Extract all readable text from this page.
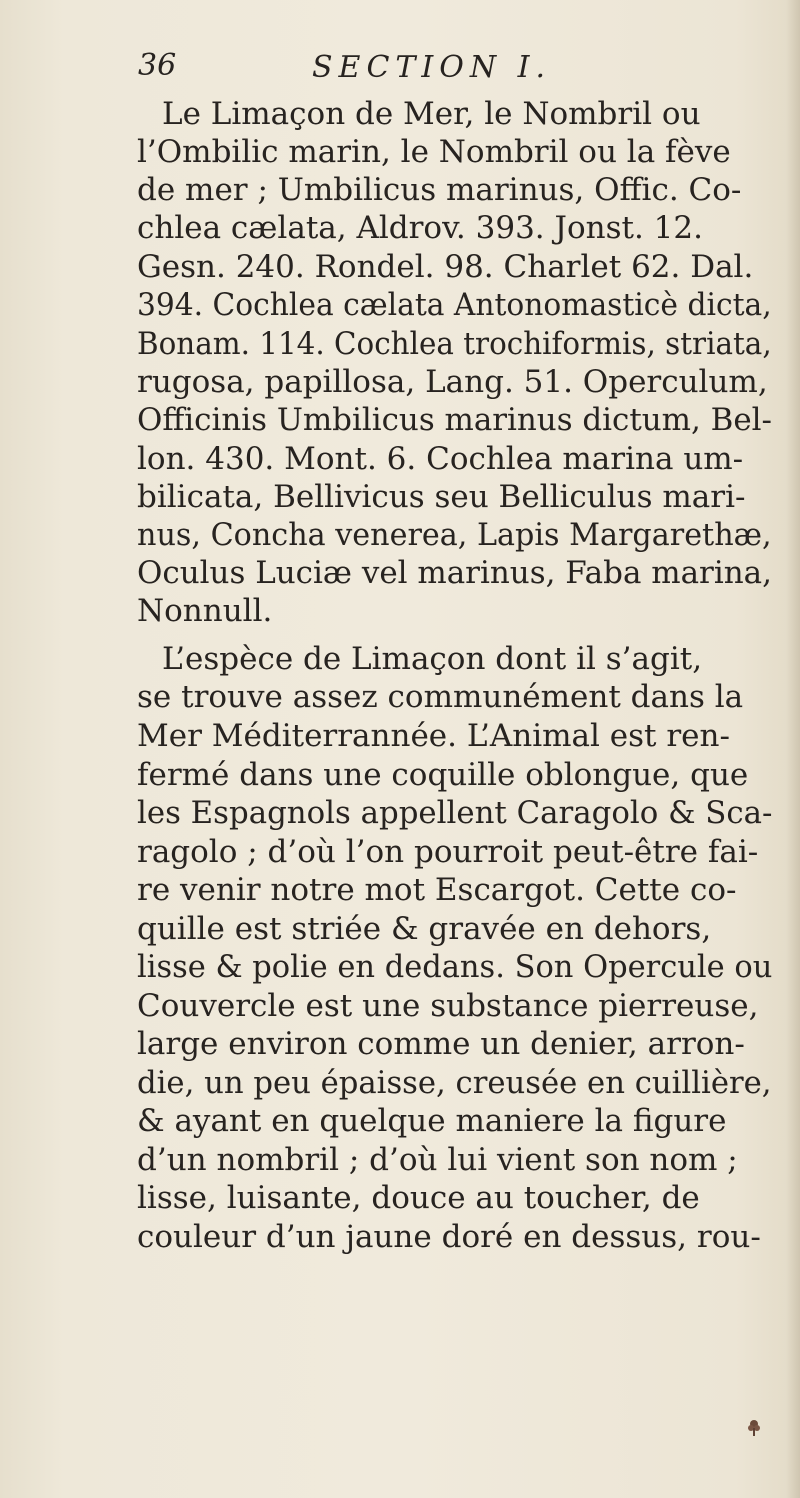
36	SECTION I.
Le Limaçon de Mer, le Nombril ou
l’Ombilic marin, le Nombril ou la fève
de mer ; Umbilicus marinus, Offic. Co-
chlea cælata, Aldrov. 393. Jonst. 12.
Gesn. 240. Rondel. 98. Charlet 62. Dal.
394. Cochlea cælata Antonomasticè dicta,
Bonam. 114. Cochlea trochiformis, striata,
rugosa, papillosa, Lang. 51. Operculum,
Officinis Umbilicus marinus dictum, Bel-
lon. 430. Mont. 6. Cochlea marina um-
bilicata, Bellivicus seu Belliculus mari-
nus, Concha venerea, Lapis Margarethæ,
Oculus Luciæ vel marinus, Faba marina,
Nonnull.
L’espèce de Limaçon dont il s’agit,
se trouve assez communément dans la
Mer Méditerrannée. L’Animal est ren-
fermé dans une coquille oblongue, que
les Espagnols appellent Caragolo & Sca-
ragolo ; d’où l’on pourroit peut-être fai-
re venir notre mot Escargot. Cette co-
quille est striée & gravée en dehors,
lisse & polie en dedans. Son Opercule ou
Couvercle est une substance pierreuse,
large environ comme un denier, arron-
die, un peu épaisse, creusée en cuillière,
& ayant en quelque maniere la figure
d’un nombril ; d’où lui vient son nom ;
lisse, luisante, douce au toucher, de
couleur d’un jaune doré en dessus, rou-
